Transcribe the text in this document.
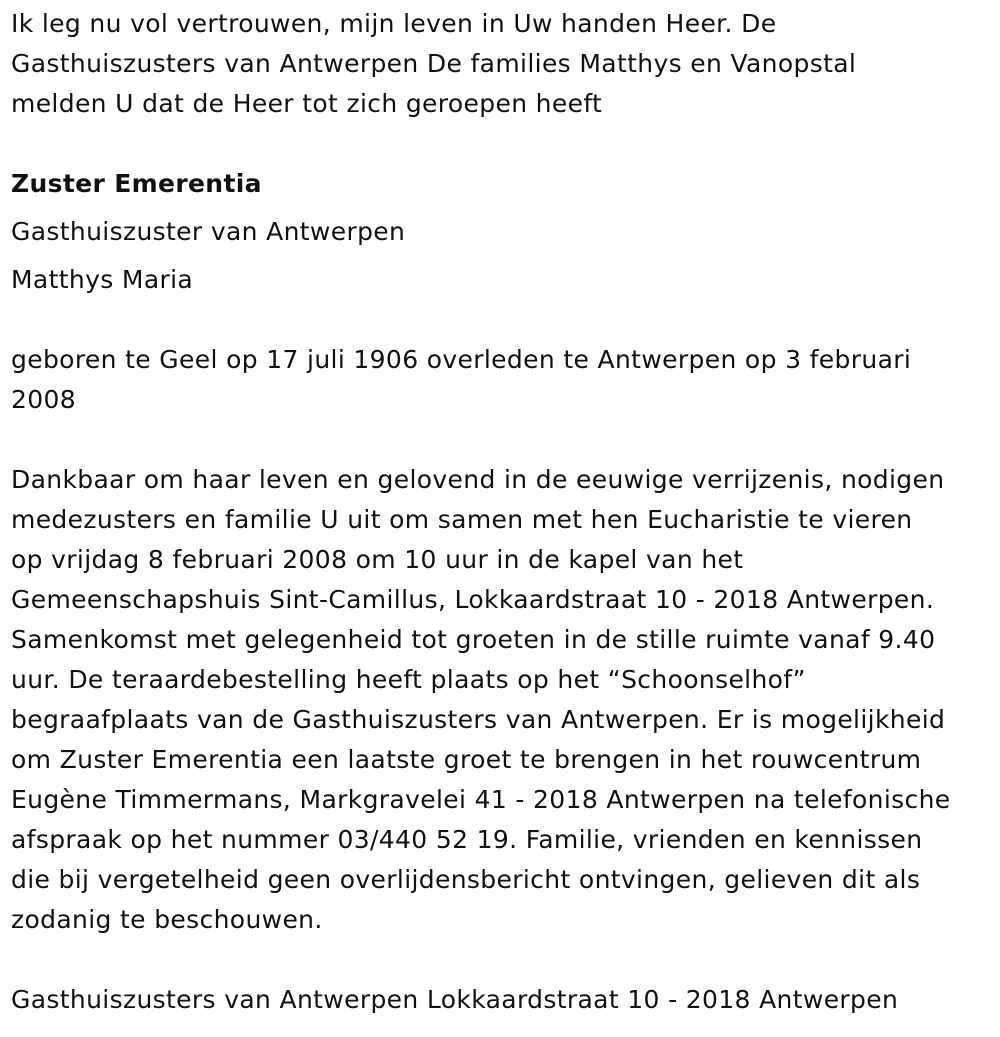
Ik leg nu vol vertrouwen, mijn leven in Uw handen Heer. De
Gasthuiszusters van Antwerpen De families Matthys en Vanopstal
melden U dat de Heer tot zich geroepen heeft

Zuster Emerentia

Gasthuiszuster van Antwerpen

Matthys Maria

geboren te Geel op 17 juli 1906 overleden te Antwerpen op 3 februari
2008

Dankbaar om haar leven en gelovend in de eeuwige verrijzenis, nodigen
medezusters en familie U uit om samen met hen Eucharistie te vieren
op vrijdag 8 februari 2008 om 10 uur in de kapel van het
Gemeenschapshuis Sint-Camillus, Lokkaardstraat 10 - 2018 Antwerpen.
Samenkomst met gelegenheid tot groeten in de stille ruimte vanaf 9.40
uur. De teraardebestelling heeft plaats op het “Schoonselhof”
begraafplaats van de Gasthuiszusters van Antwerpen. Er is mogelijkheid
om Zuster Emerentia een laatste groet te brengen in het rouwcentrum
Eugène Timmermans, Markgravelei 41 - 2018 Antwerpen na telefonische
afspraak op het nummer 03/440 52 19. Familie, vrienden en kennissen
die bij vergetelheid geen overlijdensbericht ontvingen, gelieven dit als
zodanig te beschouwen.

Gasthuiszusters van Antwerpen Lokkaardstraat 10 - 2018 Antwerpen
